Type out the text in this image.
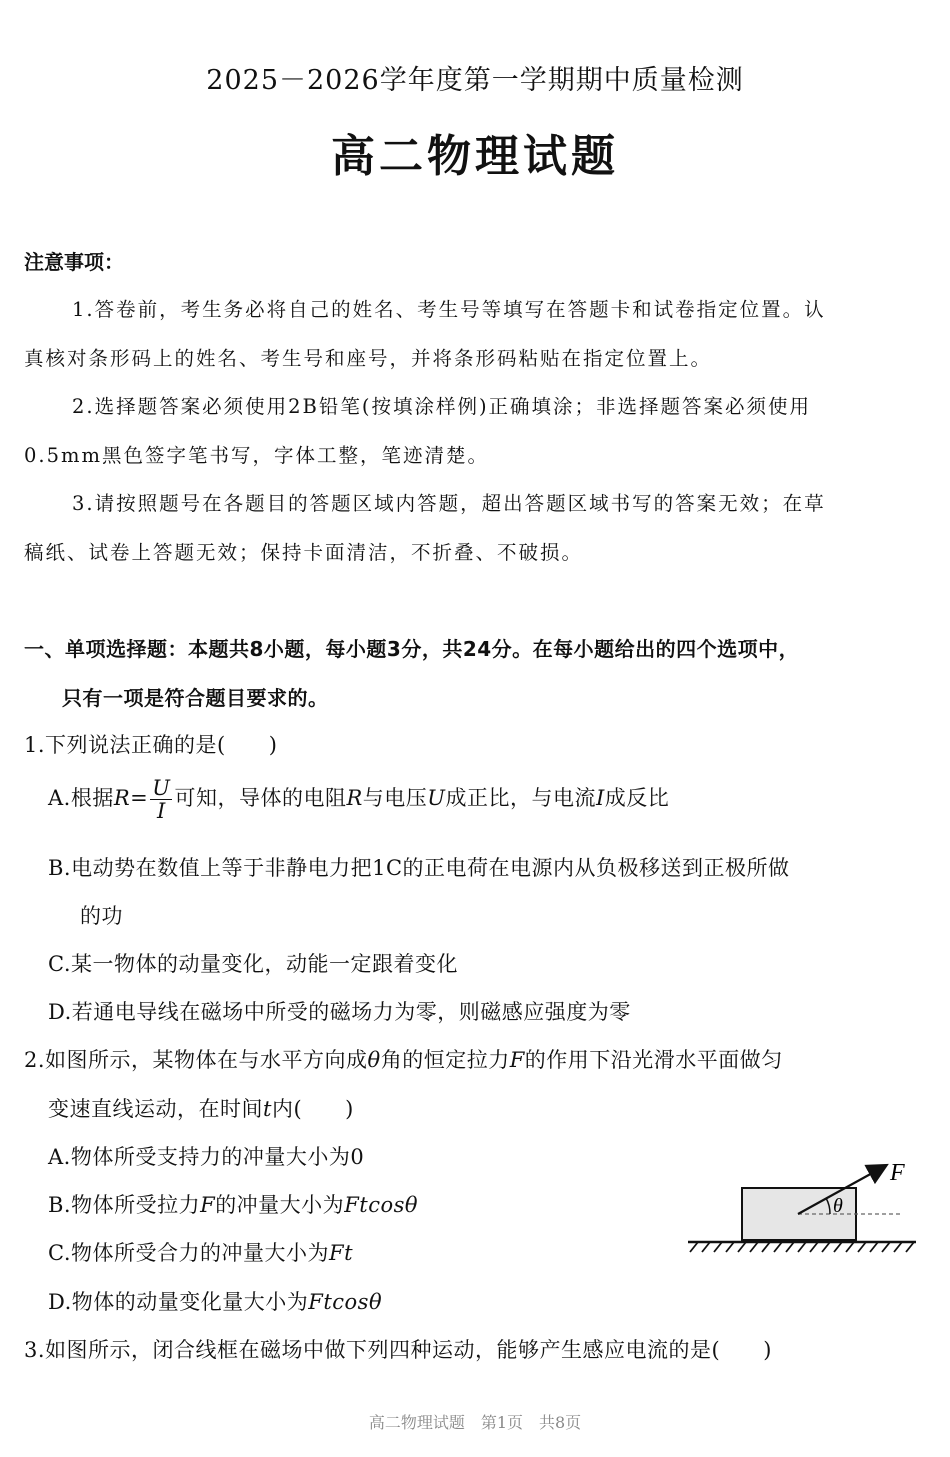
2025－2026学年度第一学期期中质量检测
高二物理试题
注意事项：
1.答卷前，考生务必将自己的姓名、考生号等填写在答题卡和试卷指定位置。认
真核对条形码上的姓名、考生号和座号，并将条形码粘贴在指定位置上。
2.选择题答案必须使用2B铅笔(按填涂样例)正确填涂；非选择题答案必须使用
0.5mm黑色签字笔书写，字体工整，笔迹清楚。
3.请按照题号在各题目的答题区域内答题，超出答题区域书写的答案无效；在草
稿纸、试卷上答题无效；保持卡面清洁，不折叠、不破损。
一、单项选择题：本题共8小题，每小题3分，共24分。在每小题给出的四个选项中，
只有一项是符合题目要求的。
1.下列说法正确的是(　　)
A.根据$R= \frac{U}{I}$ 可知，导体的电阻R与电压U成正比，与电流I成反比
B.电动势在数值上等于非静电力把1C的正电荷在电源内从负极移送到正极所做
的功
C.某一物体的动量变化，动能一定跟着变化
D.若通电导线在磁场中所受的磁场力为零，则磁感应强度为零
2.如图所示，某物体在与水平方向成θ角的恒定拉力F的作用下沿光滑水平面做匀
变速直线运动，在时间t内(　　)
A.物体所受支持力的冲量大小为0
B.物体所受拉力F的冲量大小为Ftcosθ
C.物体所受合力的冲量大小为Ft
D.物体的动量变化量大小为Ftcosθ
θ
F
3.如图所示，闭合线框在磁场中做下列四种运动，能够产生感应电流的是(　　)
高二物理试题　第1页　共8页
